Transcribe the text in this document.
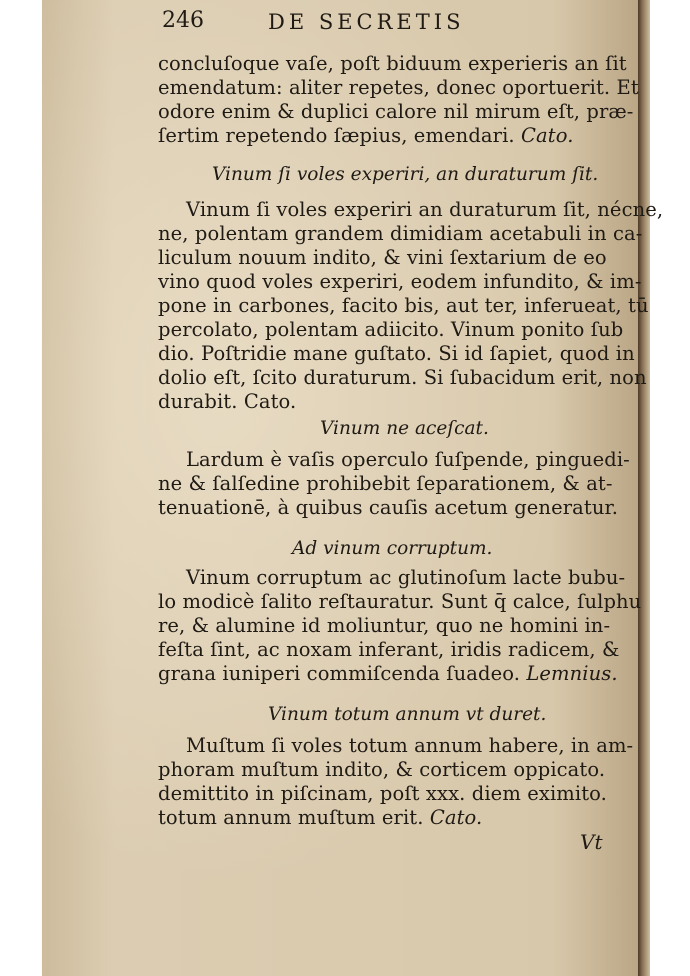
246	DE SECRETIS
concluſoque vaſe, poſt biduum experieris an ſit
emendatum: aliter repetes, donec oportuerit. Et
odore enim & duplici calore nil mirum eſt, præ-
ſertim repetendo ſæpius, emendari. Cato.
Vinum ſi voles experiri, an duraturum ſit.
Vinum ſi voles experiri an duraturum ſit, nécne,
ne, polentam grandem dimidiam acetabuli in ca-
liculum nouum indito, & vini ſextarium de eo
vino quod voles experiri, eodem infundito, & im-
pone in carbones, facito bis, aut ter, inferueat, tū
percolato, polentam adiicito. Vinum ponito ſub
dio. Poſtridie mane guſtato. Si id ſapiet, quod in
dolio eſt, ſcito duraturum. Si ſubacidum erit, non
durabit. Cato.
Vinum ne aceſcat.
Lardum è vaſis operculo ſuſpende, pinguedi-
ne & ſalſedine prohibebit ſeparationem, & at-
tenuationē, à quibus cauſis acetum generatur.
Ad vinum corruptum.
Vinum corruptum ac glutinoſum lacte bubu-
lo modicè ſalito reſtauratur. Sunt q̄ calce, ſulphu
re, & alumine id moliuntur, quo ne homini in-
feſta ſint, ac noxam inferant, iridis radicem, &
grana iuniperi commiſcenda ſuadeo. Lemnius.
Vinum totum annum vt duret.
Muſtum ſi voles totum annum habere, in am-
phoram muſtum indito, & corticem oppicato.
demittito in piſcinam, poſt xxx. diem eximito.
totum annum muſtum erit. Cato.
Vt
